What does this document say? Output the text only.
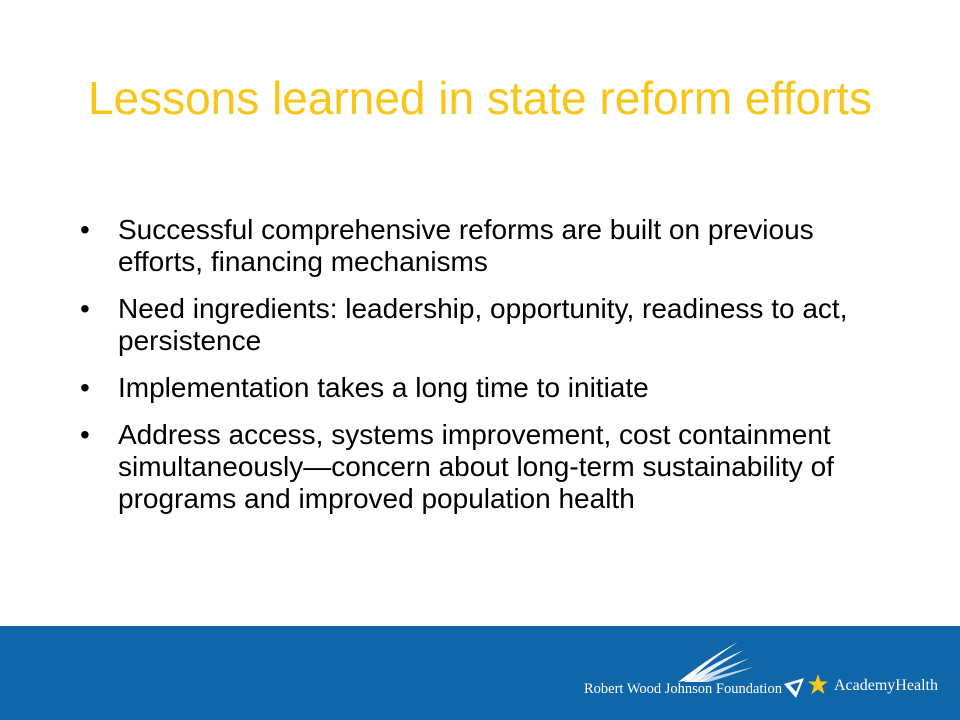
Lessons learned in state reform efforts
• Successful comprehensive reforms are built on previous efforts, financing mechanisms
• Need ingredients: leadership, opportunity, readiness to act, persistence
• Implementation takes a long time to initiate
• Address access, systems improvement, cost containment simultaneously—concern about long-term sustainability of programs and improved population health
Robert Wood Johnson Foundation	AcademyHealth
